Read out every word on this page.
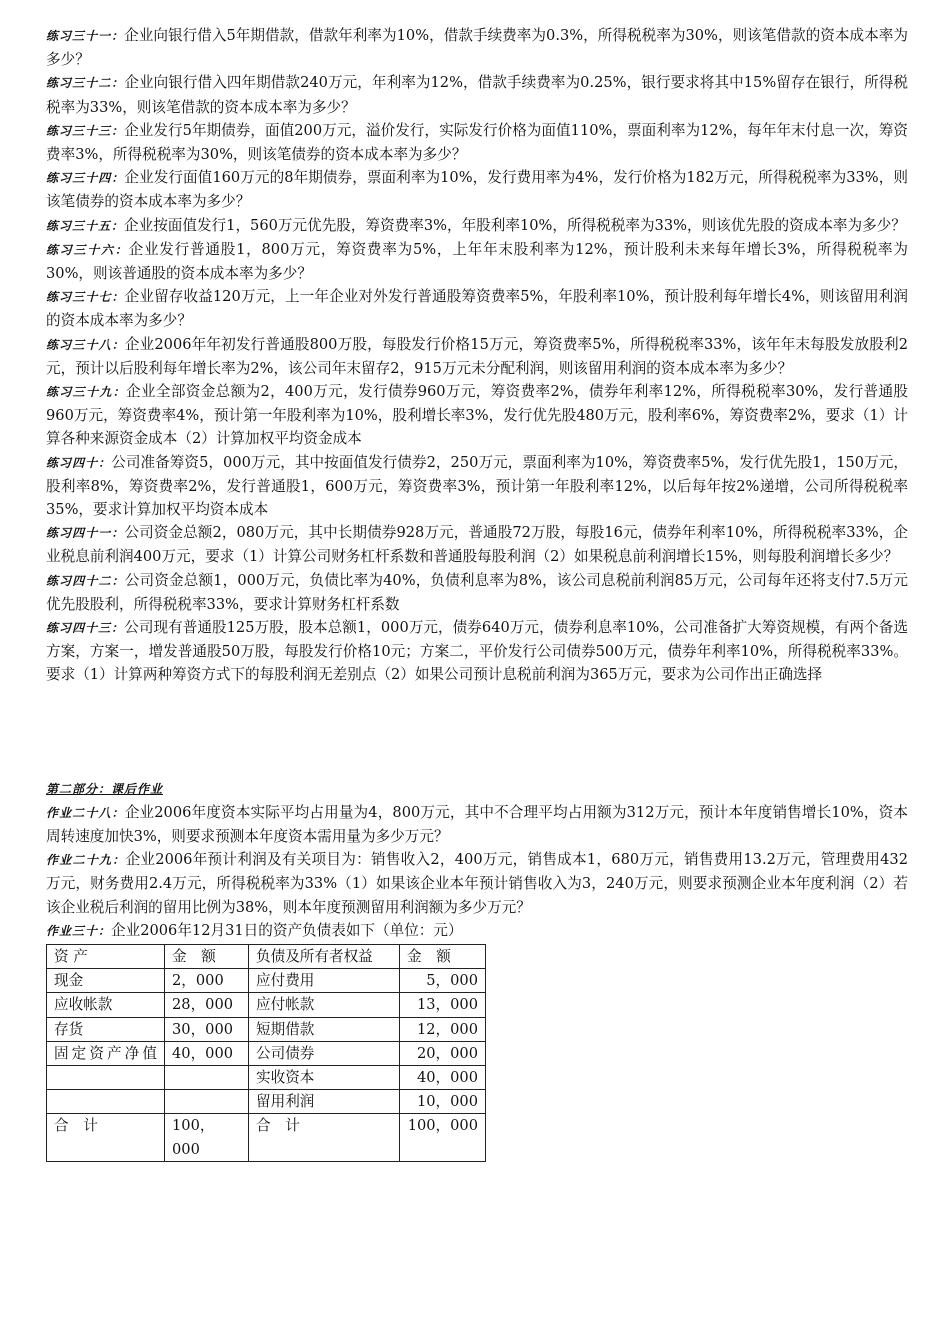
练习三十一：企业向银行借入5年期借款，借款年利率为10%，借款手续费率为0.3%，所得税税率为30%，则该笔借款的资本成本率为多少？

练习三十二：企业向银行借入四年期借款240万元，年利率为12%，借款手续费率为0.25%，银行要求将其中15%留存在银行，所得税税率为33%，则该笔借款的资本成本率为多少？

练习三十三：企业发行5年期债券，面值200万元，溢价发行，实际发行价格为面值110%，票面利率为12%，每年年末付息一次，筹资费率3%，所得税税率为30%，则该笔债券的资本成本率为多少？

练习三十四：企业发行面值160万元的8年期债券，票面利率为10%，发行费用率为4%，发行价格为182万元，所得税税率为33%，则该笔债券的资本成本率为多少？

练习三十五：企业按面值发行1，560万元优先股，筹资费率3%，年股利率10%，所得税税率为33%，则该优先股的资成本率为多少？

练习三十六：企业发行普通股1，800万元，筹资费率为5%，上年年末股利率为12%，预计股利未来每年增长3%，所得税税率为30%，则该普通股的资本成本率为多少？

练习三十七：企业留存收益120万元，上一年企业对外发行普通股筹资费率5%，年股利率10%，预计股利每年增长4%，则该留用利润的资本成本率为多少？

练习三十八：企业2006年年初发行普通股800万股，每股发行价格15万元，筹资费率5%，所得税税率33%，该年年末每股发放股利2元，预计以后股利每年增长率为2%，该公司年末留存2，915万元未分配利润，则该留用利润的资本成本率为多少？

练习三十九：企业全部资金总额为2，400万元，发行债券960万元，筹资费率2%，债券年利率12%，所得税税率30%，发行普通股960万元，筹资费率4%，预计第一年股利率为10%，股利增长率3%，发行优先股480万元，股利率6%，筹资费率2%，要求（1）计算各种来源资金成本（2）计算加权平均资金成本

练习四十：公司准备筹资5，000万元，其中按面值发行债券2，250万元，票面利率为10%，筹资费率5%，发行优先股1，150万元，股利率8%，筹资费率2%，发行普通股1，600万元，筹资费率3%，预计第一年股利率12%，以后每年按2%递增，公司所得税税率35%，要求计算加权平均资本成本

练习四十一：公司资金总额2，080万元，其中长期债券928万元，普通股72万股，每股16元，债券年利率10%，所得税税率33%，企业税息前利润400万元，要求（1）计算公司财务杠杆系数和普通股每股利润（2）如果税息前利润增长15%，则每股利润增长多少？

练习四十二：公司资金总额1，000万元，负债比率为40%，负债利息率为8%，该公司息税前利润85万元，公司每年还将支付7.5万元优先股股利，所得税税率33%，要求计算财务杠杆系数

练习四十三：公司现有普通股125万股，股本总额1，000万元，债券640万元，债券利息率10%，公司准备扩大筹资规模，有两个备选方案，方案一，增发普通股50万股，每股发行价格10元；方案二，平价发行公司债券500万元，债券年利率10%，所得税税率33%。要求（1）计算两种筹资方式下的每股利润无差别点（2）如果公司预计息税前利润为365万元，要求为公司作出正确选择

第二部分：课后作业

作业二十八：企业2006年度资本实际平均占用量为4，800万元，其中不合理平均占用额为312万元，预计本年度销售增长10%，资本周转速度加快3%，则要求预测本年度资本需用量为多少万元？

作业二十九：企业2006年预计利润及有关项目为：销售收入2，400万元，销售成本1，680万元，销售费用13.2万元，管理费用432万元，财务费用2.4万元，所得税税率为33%（1）如果该企业本年预计销售收入为3，240万元，则要求预测企业本年度利润（2）若该企业税后利润的留用比例为38%，则本年度预测留用利润额为多少万元？

作业三十：企业2006年12月31日的资产负债表如下（单位：元）

资 产	金　额	负债及所有者权益	金　额
现金	2，000	应付费用	5，000
应收帐款	28，000	应付帐款	13，000
存货	30，000	短期借款	12，000
固定资产净值	40，000	公司债券	20，000
		实收资本	40，000
		留用利润	10，000
合　计	100，000	合　计	100，000
